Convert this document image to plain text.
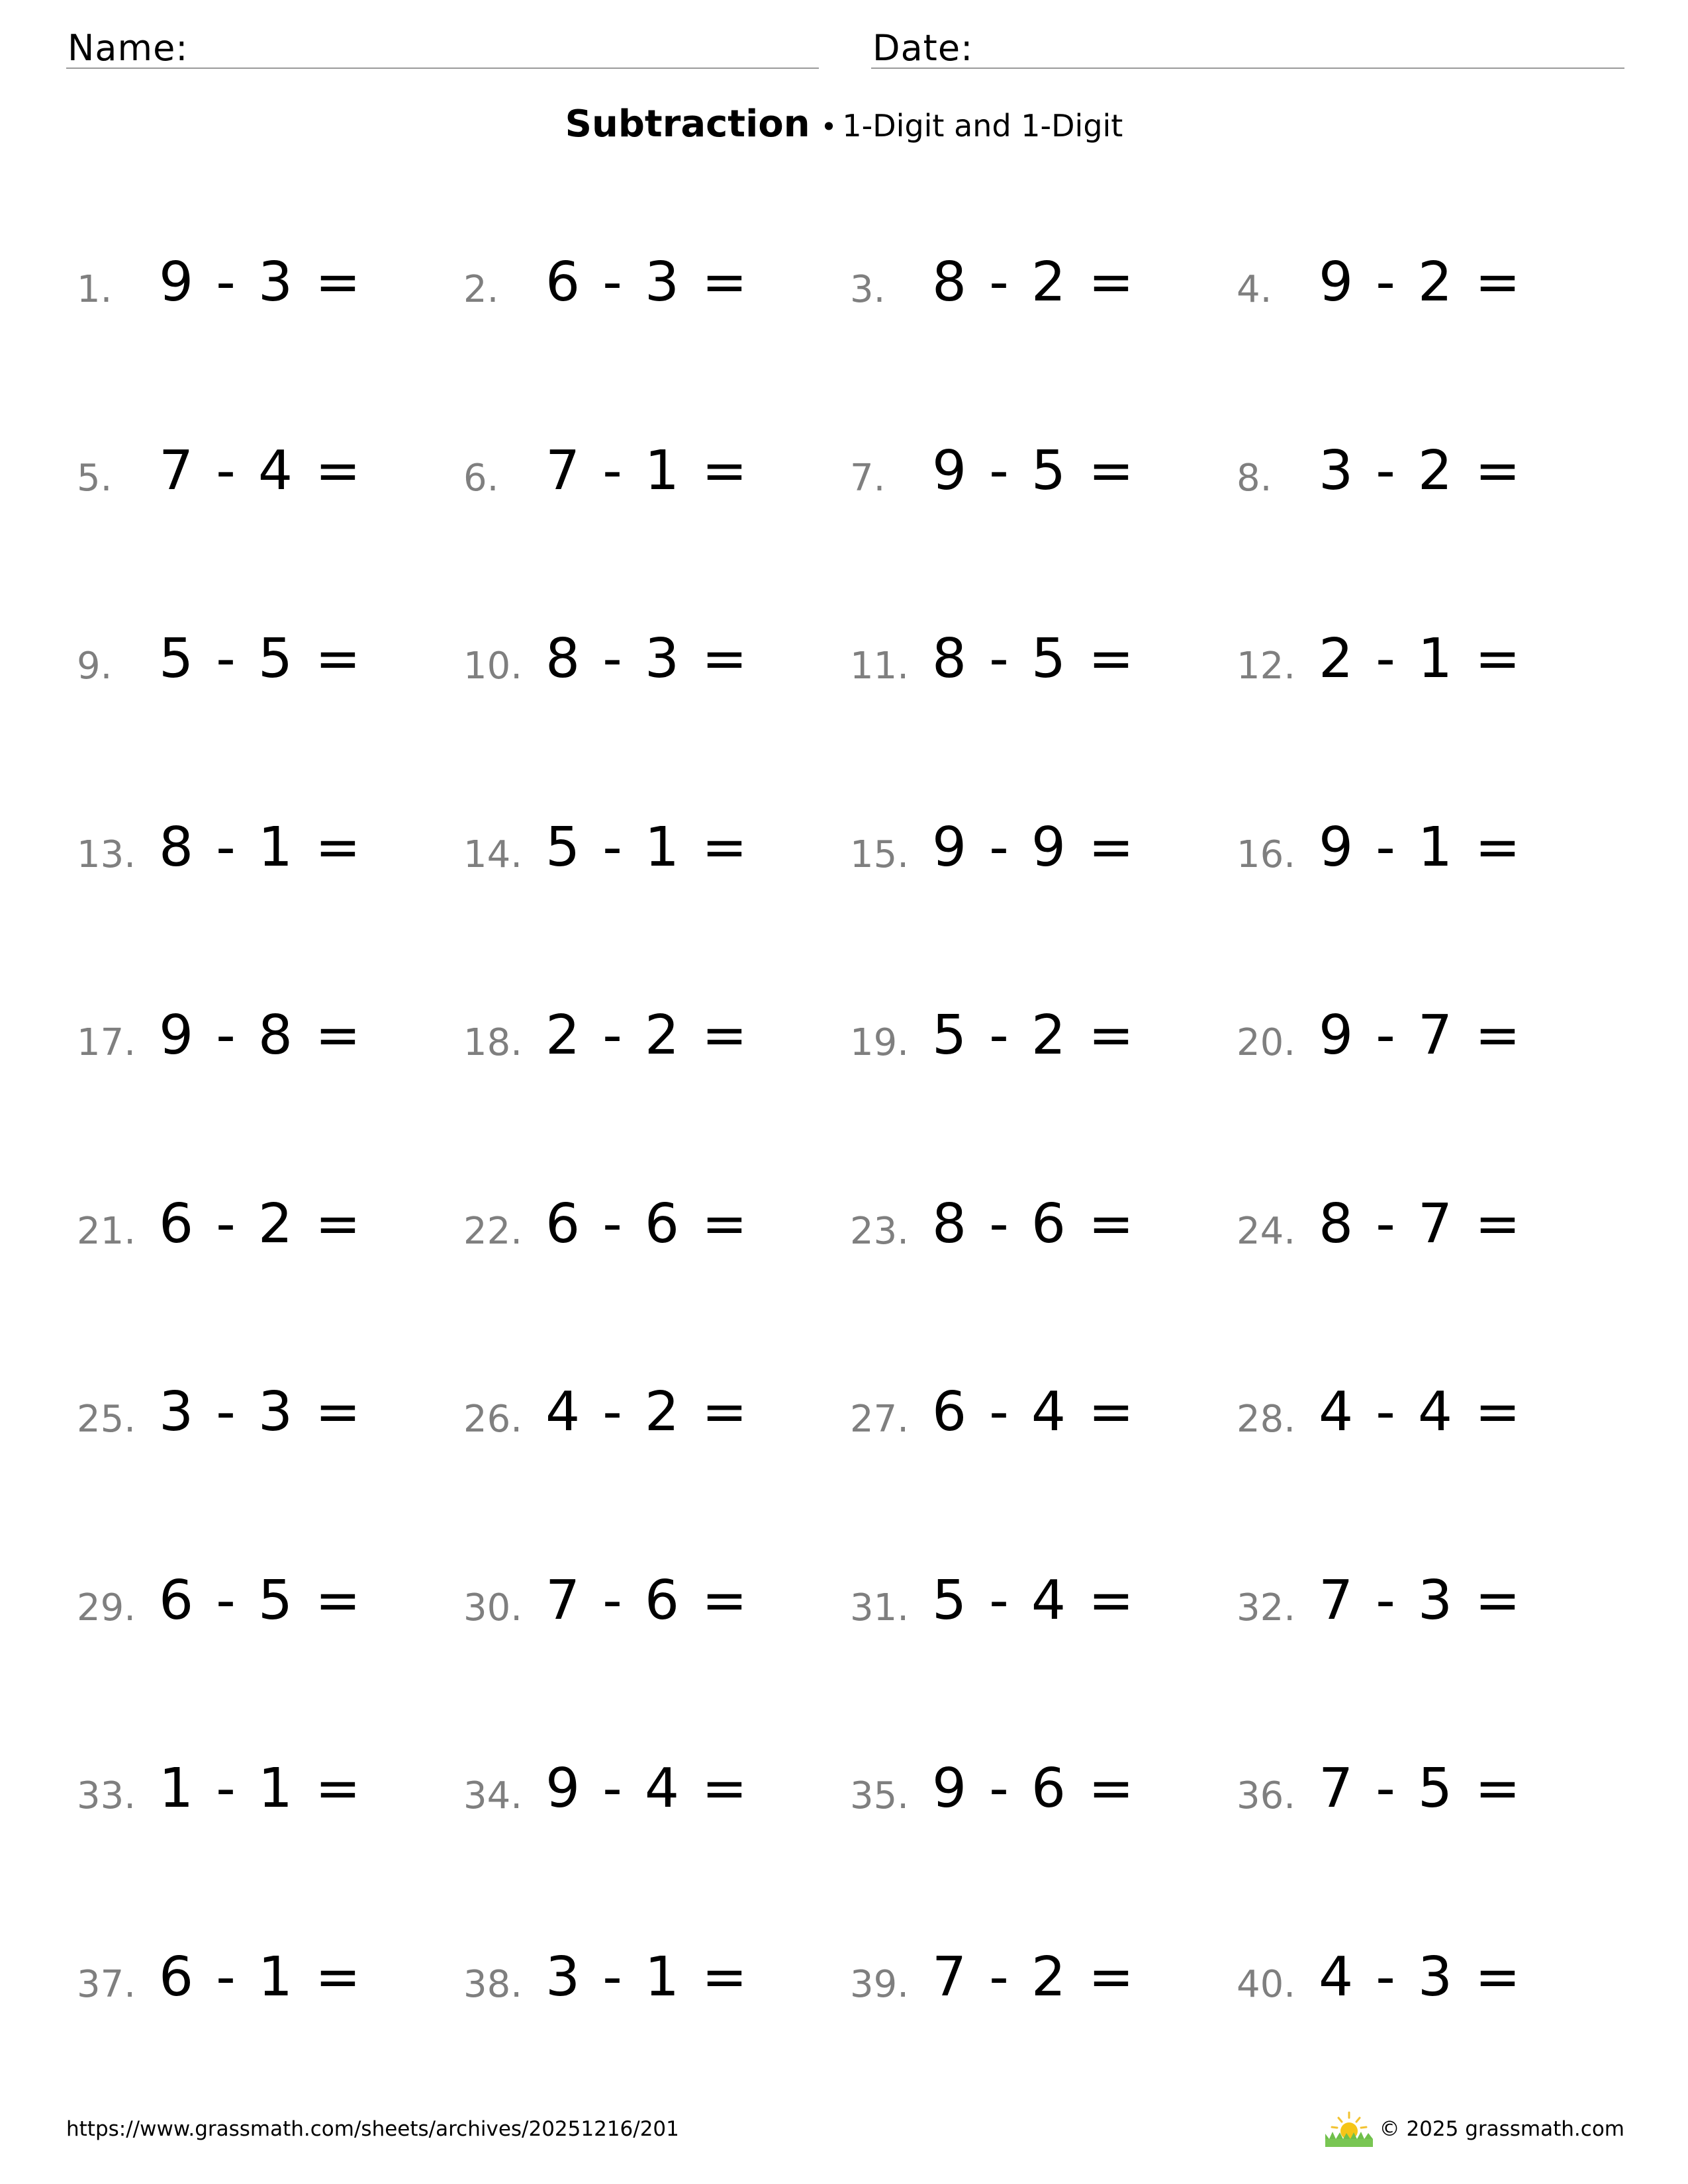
Name:	Date:
Subtraction • 1-Digit and 1-Digit
1. 9 - 3 =	2. 6 - 3 =	3. 8 - 2 =	4. 9 - 2 =
5. 7 - 4 =	6. 7 - 1 =	7. 9 - 5 =	8. 3 - 2 =
9. 5 - 5 =	10. 8 - 3 =	11. 8 - 5 =	12. 2 - 1 =
13. 8 - 1 =	14. 5 - 1 =	15. 9 - 9 =	16. 9 - 1 =
17. 9 - 8 =	18. 2 - 2 =	19. 5 - 2 =	20. 9 - 7 =
21. 6 - 2 =	22. 6 - 6 =	23. 8 - 6 =	24. 8 - 7 =
25. 3 - 3 =	26. 4 - 2 =	27. 6 - 4 =	28. 4 - 4 =
29. 6 - 5 =	30. 7 - 6 =	31. 5 - 4 =	32. 7 - 3 =
33. 1 - 1 =	34. 9 - 4 =	35. 9 - 6 =	36. 7 - 5 =
37. 6 - 1 =	38. 3 - 1 =	39. 7 - 2 =	40. 4 - 3 =
https://www.grassmath.com/sheets/archives/20251216/201	© 2025 grassmath.com
